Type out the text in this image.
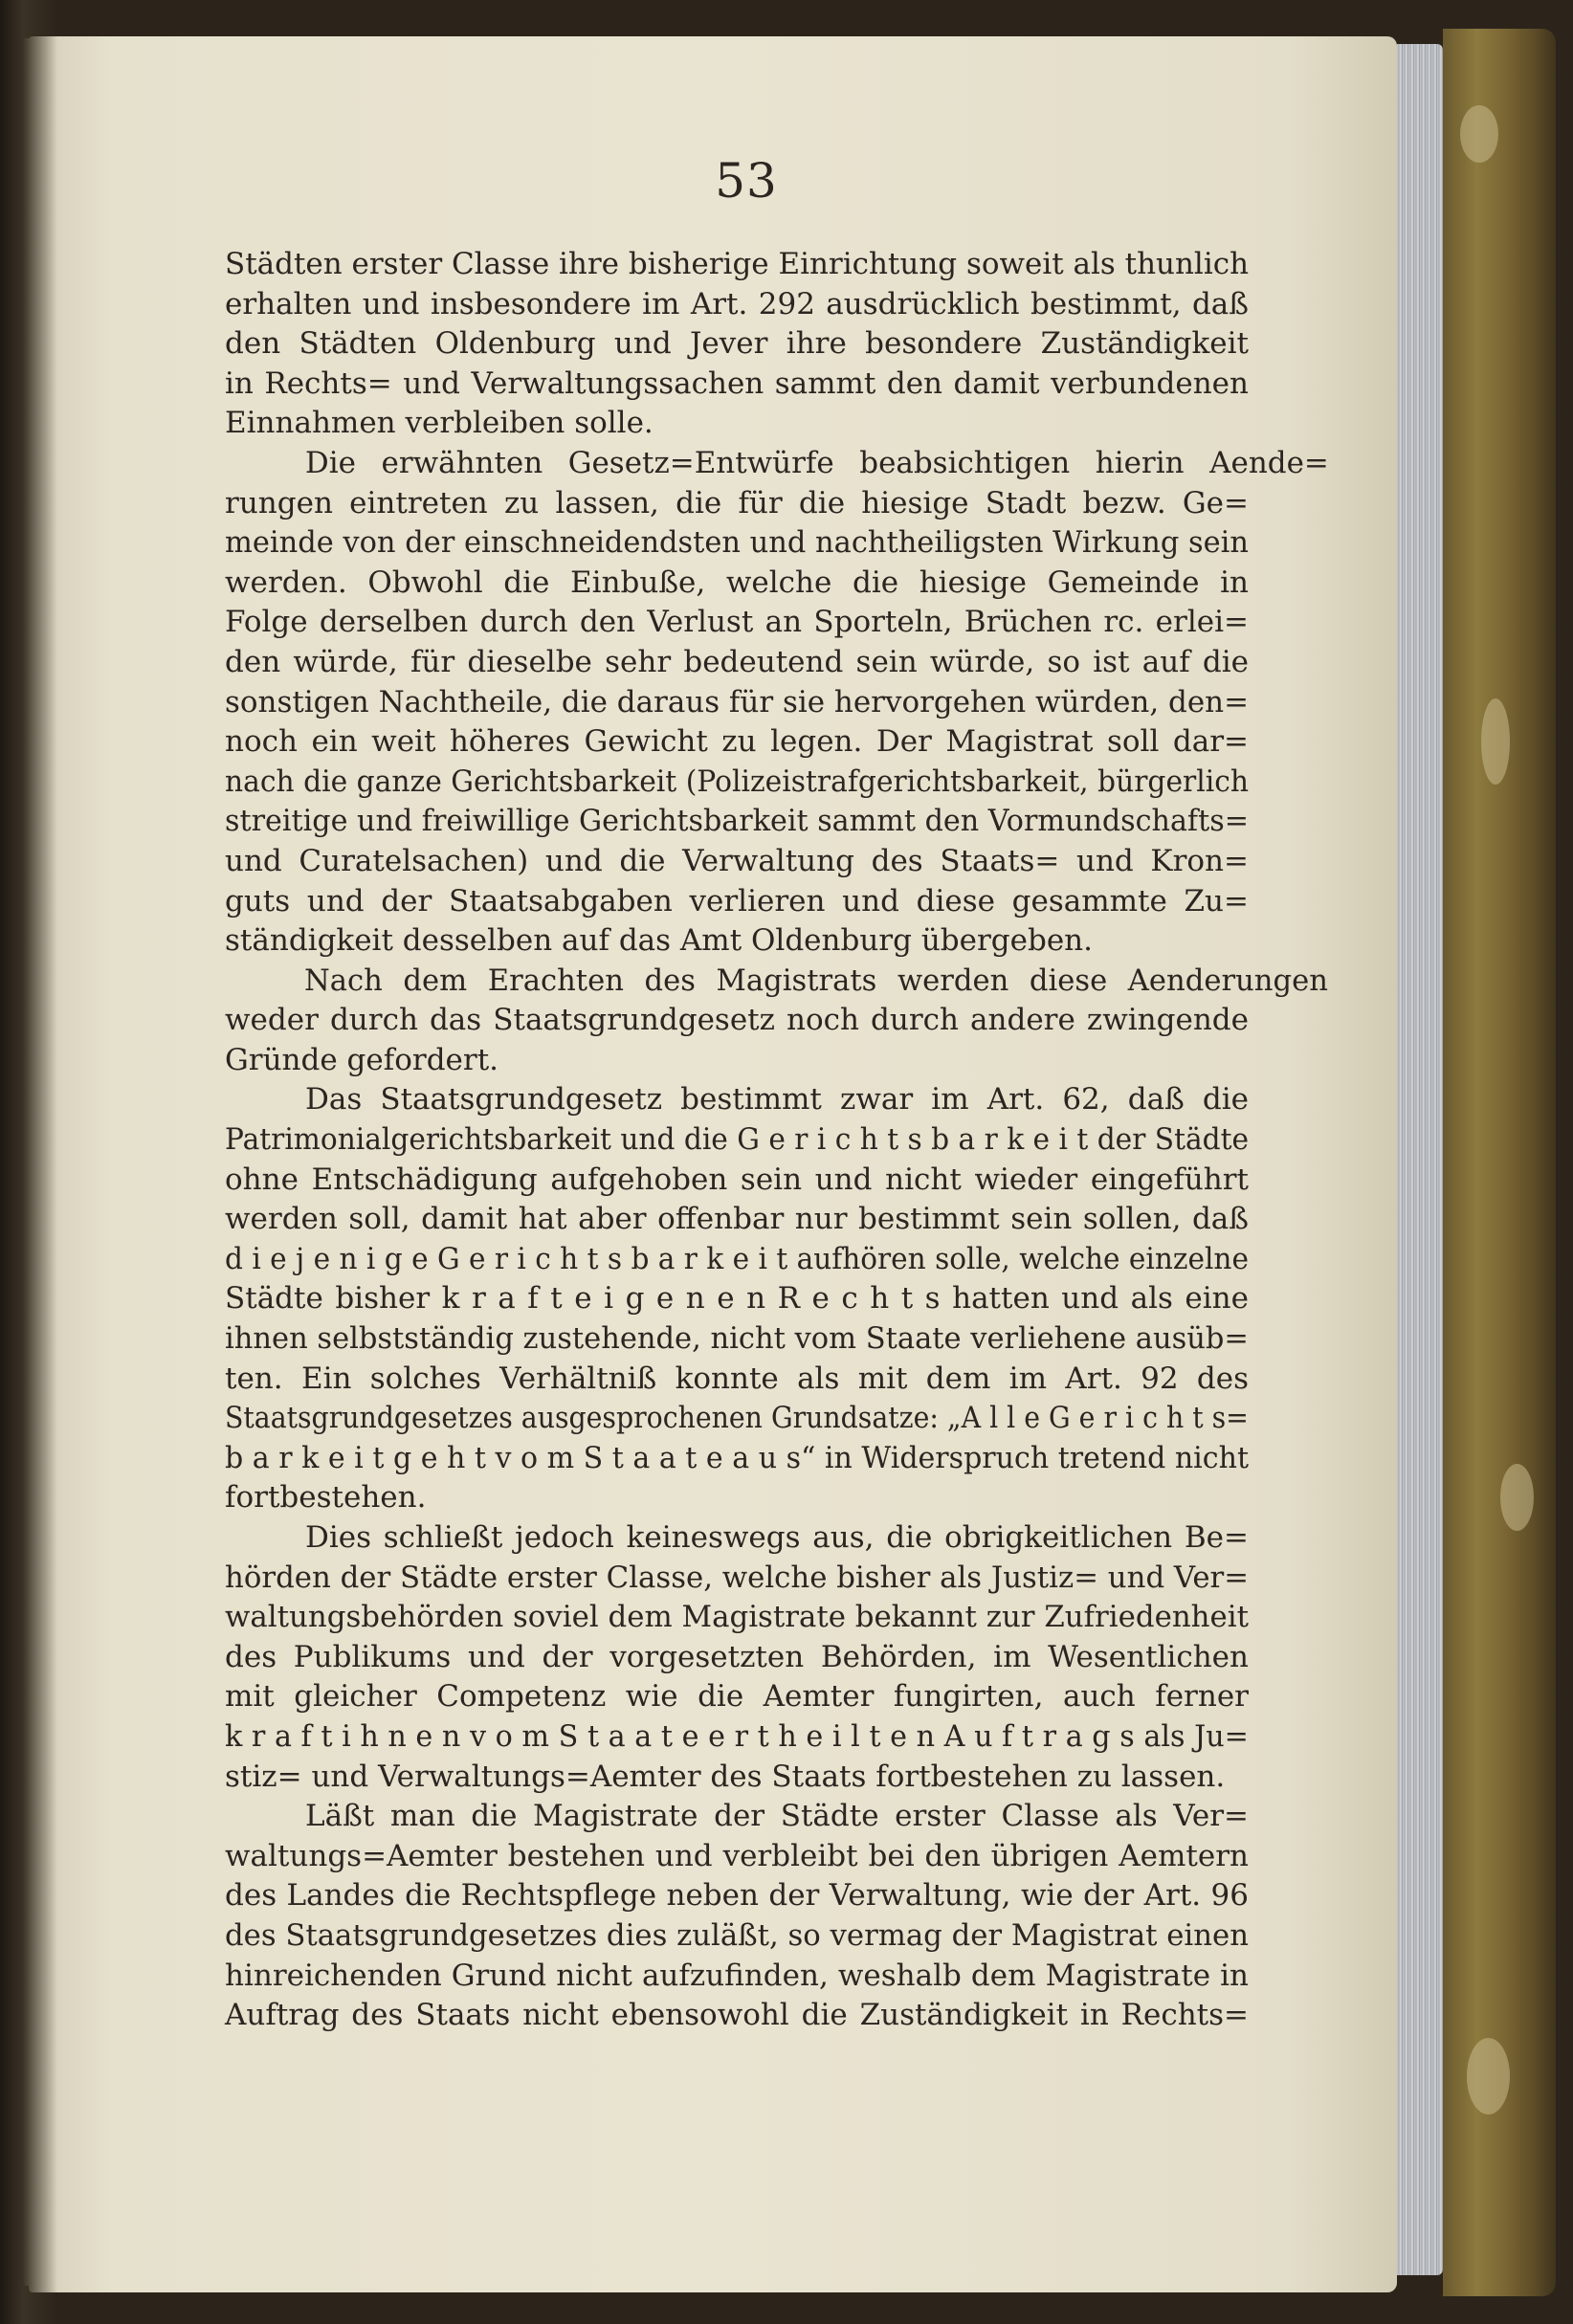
53
Städten erster Classe ihre bisherige Einrichtung soweit als thunlich
erhalten und insbesondere im Art. 292 ausdrücklich bestimmt, daß
den Städten Oldenburg und Jever ihre besondere Zuständigkeit
in Rechts= und Verwaltungssachen sammt den damit verbundenen
Einnahmen verbleiben solle.
Die erwähnten Gesetz=Entwürfe beabsichtigen hierin Aende=
rungen eintreten zu lassen, die für die hiesige Stadt bezw. Ge=
meinde von der einschneidendsten und nachtheiligsten Wirkung sein
werden. Obwohl die Einbuße, welche die hiesige Gemeinde in
Folge derselben durch den Verlust an Sporteln, Brüchen rc. erlei=
den würde, für dieselbe sehr bedeutend sein würde, so ist auf die
sonstigen Nachtheile, die daraus für sie hervorgehen würden, den=
noch ein weit höheres Gewicht zu legen. Der Magistrat soll dar=
nach die ganze Gerichtsbarkeit (Polizeistrafgerichtsbarkeit, bürgerlich
streitige und freiwillige Gerichtsbarkeit sammt den Vormundschafts=
und Curatelsachen) und die Verwaltung des Staats= und Kron=
guts und der Staatsabgaben verlieren und diese gesammte Zu=
ständigkeit desselben auf das Amt Oldenburg übergeben.
Nach dem Erachten des Magistrats werden diese Aenderungen
weder durch das Staatsgrundgesetz noch durch andere zwingende
Gründe gefordert.
Das Staatsgrundgesetz bestimmt zwar im Art. 62, daß die
Patrimonialgerichtsbarkeit und die G e r i c h t s b a r k e i t der Städte
ohne Entschädigung aufgehoben sein und nicht wieder eingeführt
werden soll, damit hat aber offenbar nur bestimmt sein sollen, daß
d i e j e n i g e G e r i c h t s b a r k e i t aufhören solle, welche einzelne
Städte bisher k r a f t e i g e n e n R e c h t s hatten und als eine
ihnen selbstständig zustehende, nicht vom Staate verliehene ausüb=
ten. Ein solches Verhältniß konnte als mit dem im Art. 92 des
Staatsgrundgesetzes ausgesprochenen Grundsatze: „A l l e G e r i c h t s=
b a r k e i t g e h t v o m S t a a t e a u s“ in Widerspruch tretend nicht
fortbestehen.
Dies schließt jedoch keineswegs aus, die obrigkeitlichen Be=
hörden der Städte erster Classe, welche bisher als Justiz= und Ver=
waltungsbehörden soviel dem Magistrate bekannt zur Zufriedenheit
des Publikums und der vorgesetzten Behörden, im Wesentlichen
mit gleicher Competenz wie die Aemter fungirten, auch ferner
k r a f t i h n e n v o m S t a a t e e r t h e i l t e n A u f t r a g s als Ju=
stiz= und Verwaltungs=Aemter des Staats fortbestehen zu lassen.
Läßt man die Magistrate der Städte erster Classe als Ver=
waltungs=Aemter bestehen und verbleibt bei den übrigen Aemtern
des Landes die Rechtspflege neben der Verwaltung, wie der Art. 96
des Staatsgrundgesetzes dies zuläßt, so vermag der Magistrat einen
hinreichenden Grund nicht aufzufinden, weshalb dem Magistrate in
Auftrag des Staats nicht ebensowohl die Zuständigkeit in Rechts=
